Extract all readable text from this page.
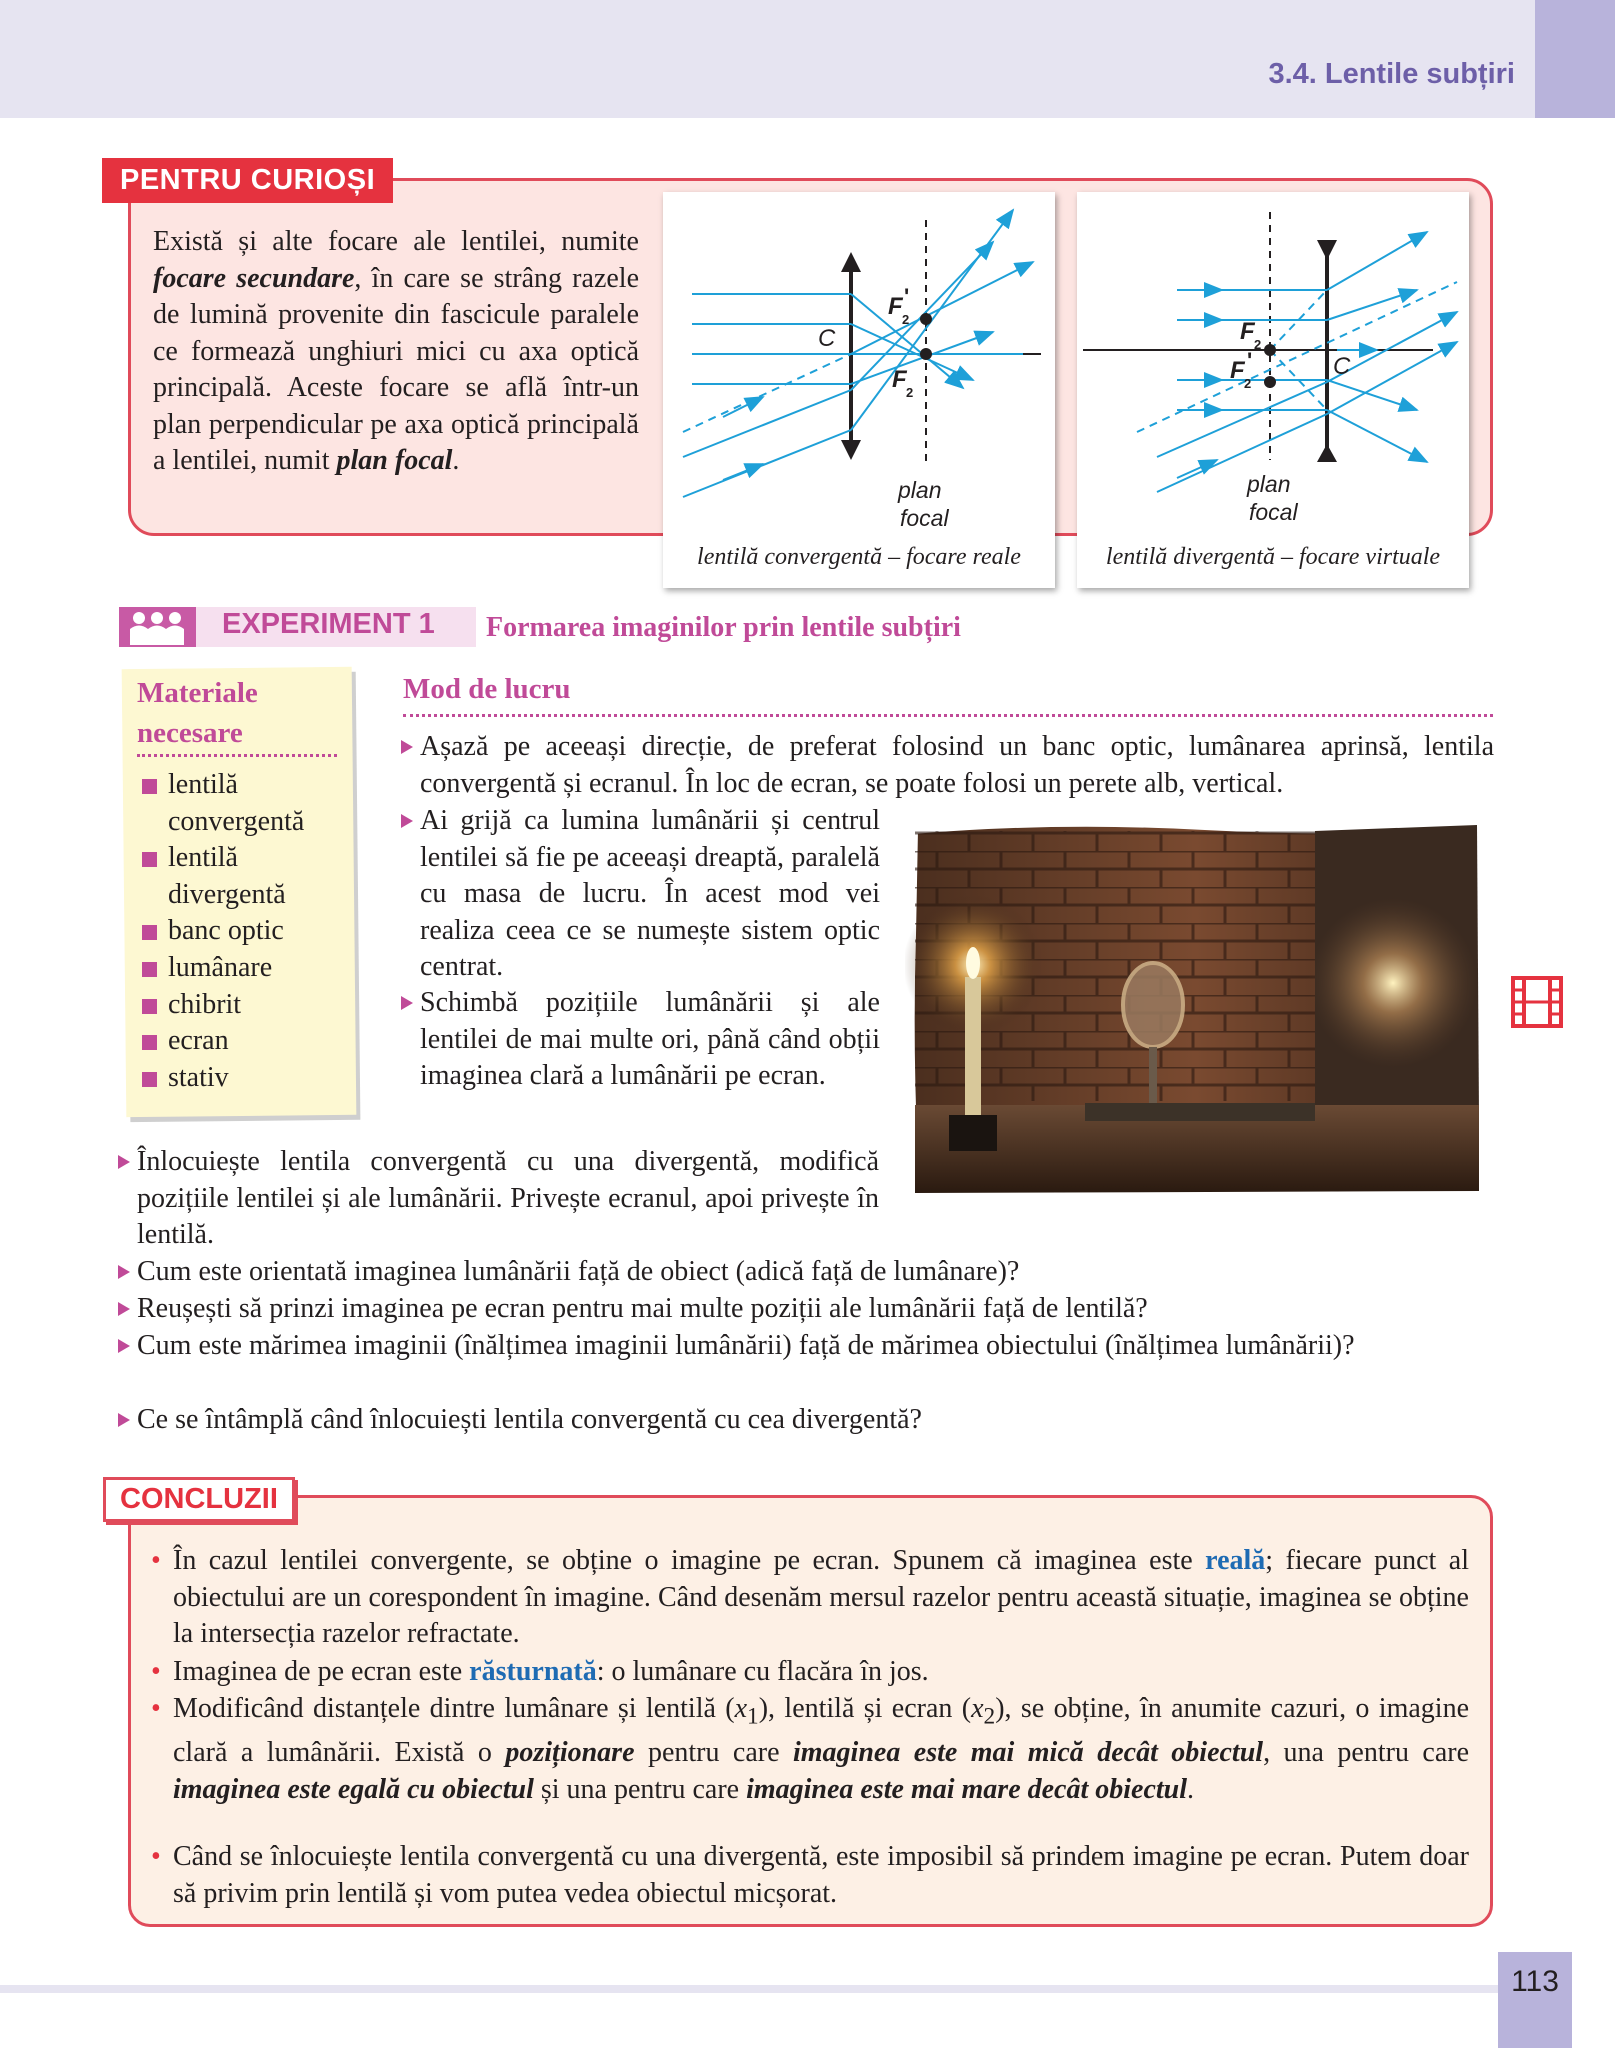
3.4. Lentile subțiri
PENTRU CURIOȘI
Există și alte focare ale lentilei, numite focare secundare, în care se strâng razele de lumină provenite din fascicule paralele ce formează unghiuri mici cu axa optică principală. Aceste focare se află într-un plan perpendicular pe axa optică principală a lentilei, numit plan focal.
C
F 2
'
F 2
plan
focal
lentilă convergentă – focare reale
C
F 2
F 2
'
plan
focal
lentilă divergentă – focare virtuale
EXPERIMENT 1 Formarea imaginilor prin lentile subțiri
Materiale necesare
lentilă convergentă
lentilă divergentă
banc optic
lumânare
chibrit
ecran
stativ
Mod de lucru
Așază pe aceeași direcție, de preferat folosind un banc optic, lumânarea aprinsă, lentila convergentă și ecranul. În loc de ecran, se poate folosi un perete alb, vertical.
Ai grijă ca lumina lumânării și centrul lentilei să fie pe aceeași dreaptă, paralelă cu masa de lucru. În acest mod vei realiza ceea ce se numește sistem optic centrat.
Schimbă pozițiile lumânării și ale lentilei de mai multe ori, până când obții imaginea clară a lumânării pe ecran.
Înlocuiește lentila convergentă cu una divergentă, modifică pozițiile lentilei și ale lumânării. Privește ecranul, apoi privește în lentilă.
Cum este orientată imaginea lumânării față de obiect (adică față de lumânare)?
Reușești să prinzi imaginea pe ecran pentru mai multe poziții ale lumânării față de lentilă?
Cum este mărimea imaginii (înălțimea imaginii lumânării) față de mărimea obiectului (înălțimea lumânării)?
Ce se întâmplă când înlocuiești lentila convergentă cu cea divergentă?
CONCLUZII
• În cazul lentilei convergente, se obține o imagine pe ecran. Spunem că imaginea este reală; fiecare punct al obiectului are un corespondent în imagine. Când desenăm mersul razelor pentru această situație, imaginea se obține la intersecția razelor refractate.
• Imaginea de pe ecran este răsturnată: o lumânare cu flacăra în jos.
• Modificând distanțele dintre lumânare și lentilă $(x_1)$, lentilă și ecran $(x_2)$, se obține, în anumite cazuri, o imagine clară a lumânării. Există o poziționare pentru care imaginea este mai mică decât obiectul, una pentru care imaginea este egală cu obiectul și una pentru care imaginea este mai mare decât obiectul.
• Când se înlocuiește lentila convergentă cu una divergentă, este imposibil să prindem imagine pe ecran. Putem doar să privim prin lentilă și vom putea vedea obiectul micșorat.
113
